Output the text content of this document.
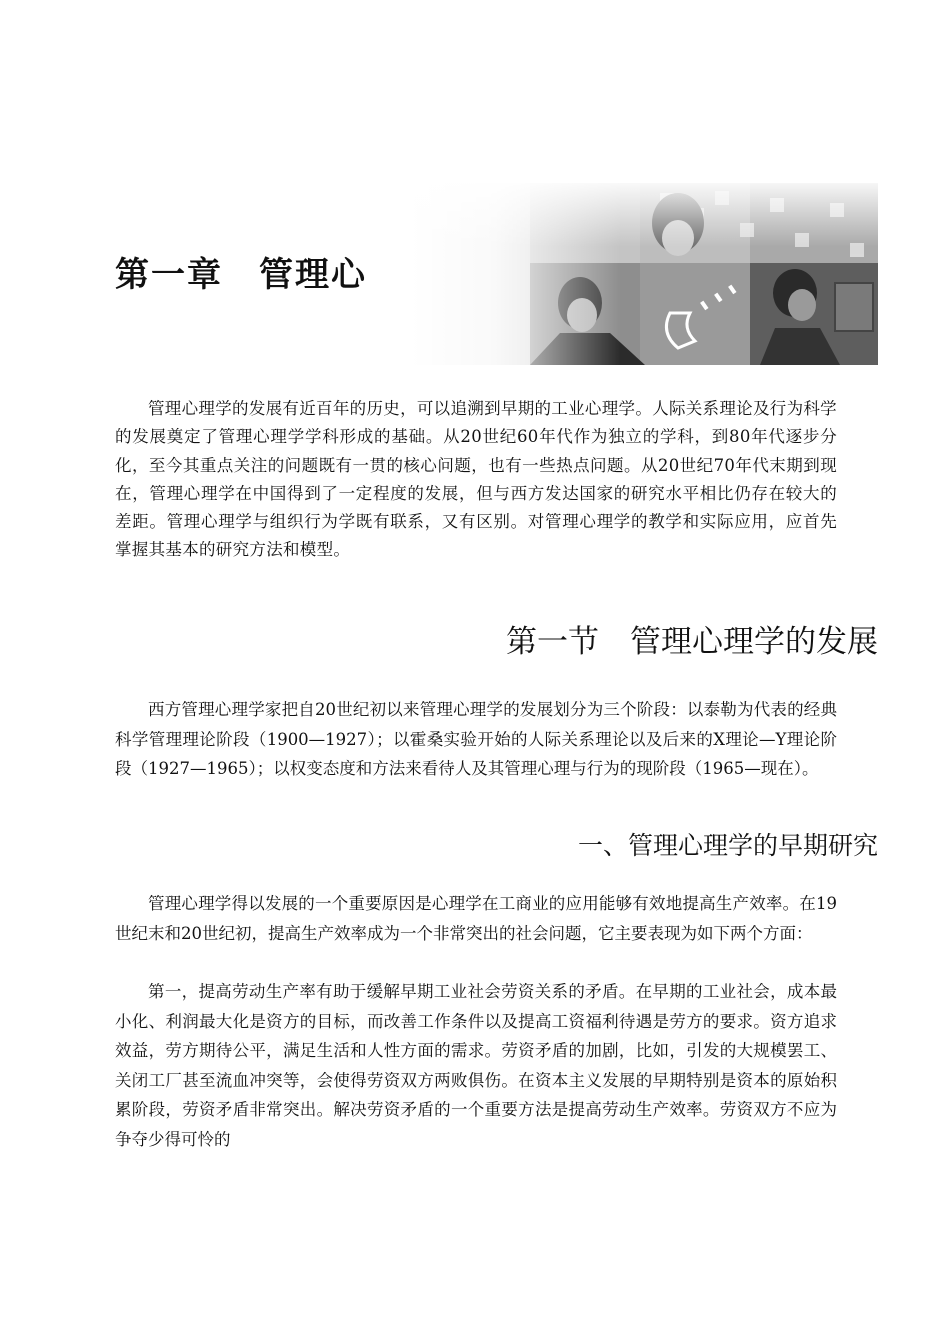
第一章　管理心

管理心理学的发展有近百年的历史，可以追溯到早期的工业心理学。人际关系理论及行为科学的发展奠定了管理心理学学科形成的基础。从20世纪60年代作为独立的学科，到80年代逐步分化，至今其重点关注的问题既有一贯的核心问题，也有一些热点问题。从20世纪70年代末期到现在，管理心理学在中国得到了一定程度的发展，但与西方发达国家的研究水平相比仍存在较大的差距。管理心理学与组织行为学既有联系，又有区别。对管理心理学的教学和实际应用，应首先掌握其基本的研究方法和模型。

第一节　管理心理学的发展

西方管理心理学家把自20世纪初以来管理心理学的发展划分为三个阶段：以泰勒为代表的经典科学管理理论阶段（1900—1927）；以霍桑实验开始的人际关系理论以及后来的X理论—Y理论阶段（1927—1965）；以权变态度和方法来看待人及其管理心理与行为的现阶段（1965—现在）。

一、管理心理学的早期研究

管理心理学得以发展的一个重要原因是心理学在工商业的应用能够有效地提高生产效率。在19世纪末和20世纪初，提高生产效率成为一个非常突出的社会问题，它主要表现为如下两个方面：

第一，提高劳动生产率有助于缓解早期工业社会劳资关系的矛盾。在早期的工业社会，成本最小化、利润最大化是资方的目标，而改善工作条件以及提高工资福利待遇是劳方的要求。资方追求效益，劳方期待公平，满足生活和人性方面的需求。劳资矛盾的加剧，比如，引发的大规模罢工、关闭工厂甚至流血冲突等，会使得劳资双方两败俱伤。在资本主义发展的早期特别是资本的原始积累阶段，劳资矛盾非常突出。解决劳资矛盾的一个重要方法是提高劳动生产效率。劳资双方不应为争夺少得可怜的
